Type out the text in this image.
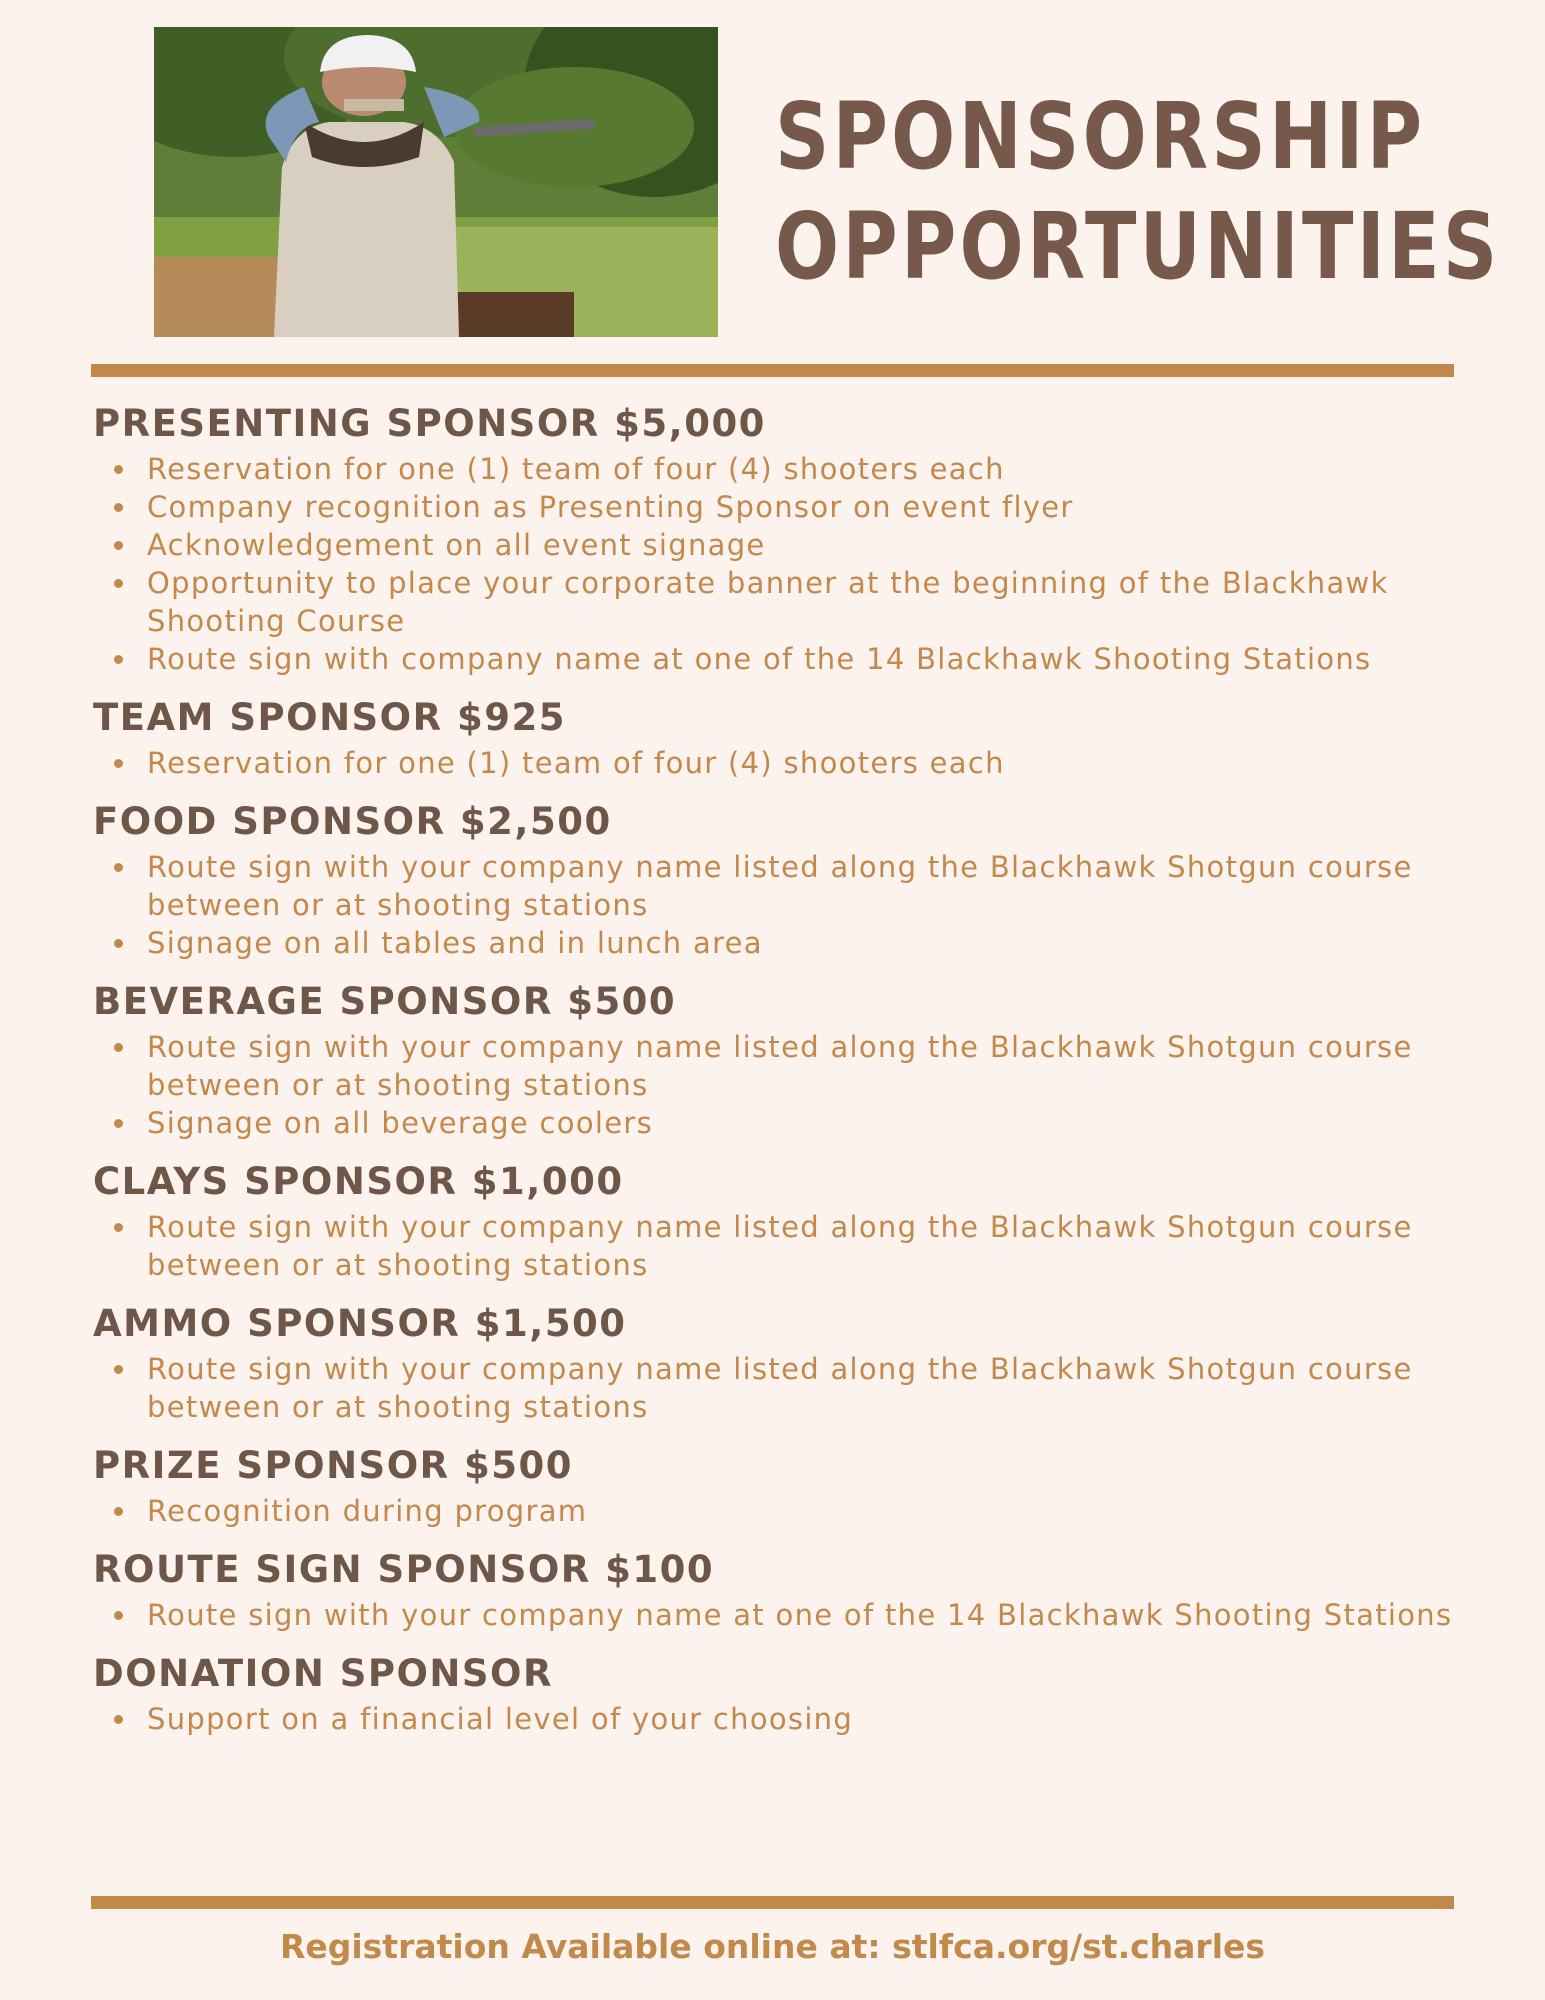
SPONSORSHIP
OPPORTUNITIES
PRESENTING SPONSOR $5,000
Reservation for one (1) team of four (4) shooters each
Company recognition as Presenting Sponsor on event flyer
Acknowledgement on all event signage
Opportunity to place your corporate banner at the beginning of the Blackhawk Shooting Course
Route sign with company name at one of the 14 Blackhawk Shooting Stations
TEAM SPONSOR $925
Reservation for one (1) team of four (4) shooters each
FOOD SPONSOR $2,500
Route sign with your company name listed along the Blackhawk Shotgun course between or at shooting stations
Signage on all tables and in lunch area
BEVERAGE SPONSOR $500
Route sign with your company name listed along the Blackhawk Shotgun course between or at shooting stations
Signage on all beverage coolers
CLAYS SPONSOR $1,000
Route sign with your company name listed along the Blackhawk Shotgun course between or at shooting stations
AMMO SPONSOR $1,500
Route sign with your company name listed along the Blackhawk Shotgun course between or at shooting stations
PRIZE SPONSOR $500
Recognition during program
ROUTE SIGN SPONSOR $100
Route sign with your company name at one of the 14 Blackhawk Shooting Stations
DONATION SPONSOR
Support on a financial level of your choosing
Registration Available online at: stlfca.org/st.charles
